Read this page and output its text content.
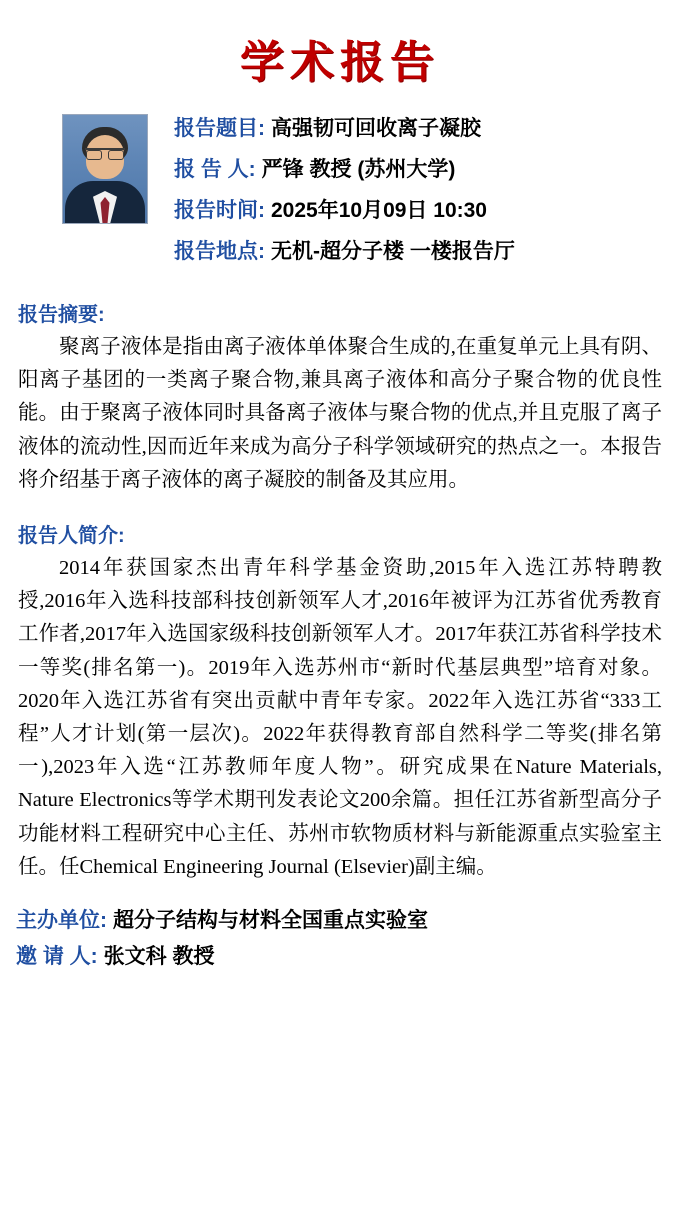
学术报告
报告题目: 高强韧可回收离子凝胶
报 告 人: 严锋 教授 (苏州大学)
报告时间: 2025年10月09日 10:30
报告地点: 无机-超分子楼 一楼报告厅
报告摘要:

聚离子液体是指由离子液体单体聚合生成的,在重复单元上具有阴、阳离子基团的一类离子聚合物,兼具离子液体和高分子聚合物的优良性能。由于聚离子液体同时具备离子液体与聚合物的优点,并且克服了离子液体的流动性,因而近年来成为高分子科学领域研究的热点之一。本报告将介绍基于离子液体的离子凝胶的制备及其应用。

报告人简介:

2014年获国家杰出青年科学基金资助,2015年入选江苏特聘教授,2016年入选科技部科技创新领军人才,2016年被评为江苏省优秀教育工作者,2017年入选国家级科技创新领军人才。2017年获江苏省科学技术一等奖(排名第一)。2019年入选苏州市“新时代基层典型”培育对象。2020年入选江苏省有突出贡献中青年专家。2022年入选江苏省“333工程”人才计划(第一层次)。2022年获得教育部自然科学二等奖(排名第一),2023年入选“江苏教师年度人物”。研究成果在Nature Materials, Nature Electronics等学术期刊发表论文200余篇。担任江苏省新型高分子功能材料工程研究中心主任、苏州市软物质材料与新能源重点实验室主任。任Chemical Engineering Journal (Elsevier)副主编。

主办单位: 超分子结构与材料全国重点实验室
邀 请 人: 张文科 教授
